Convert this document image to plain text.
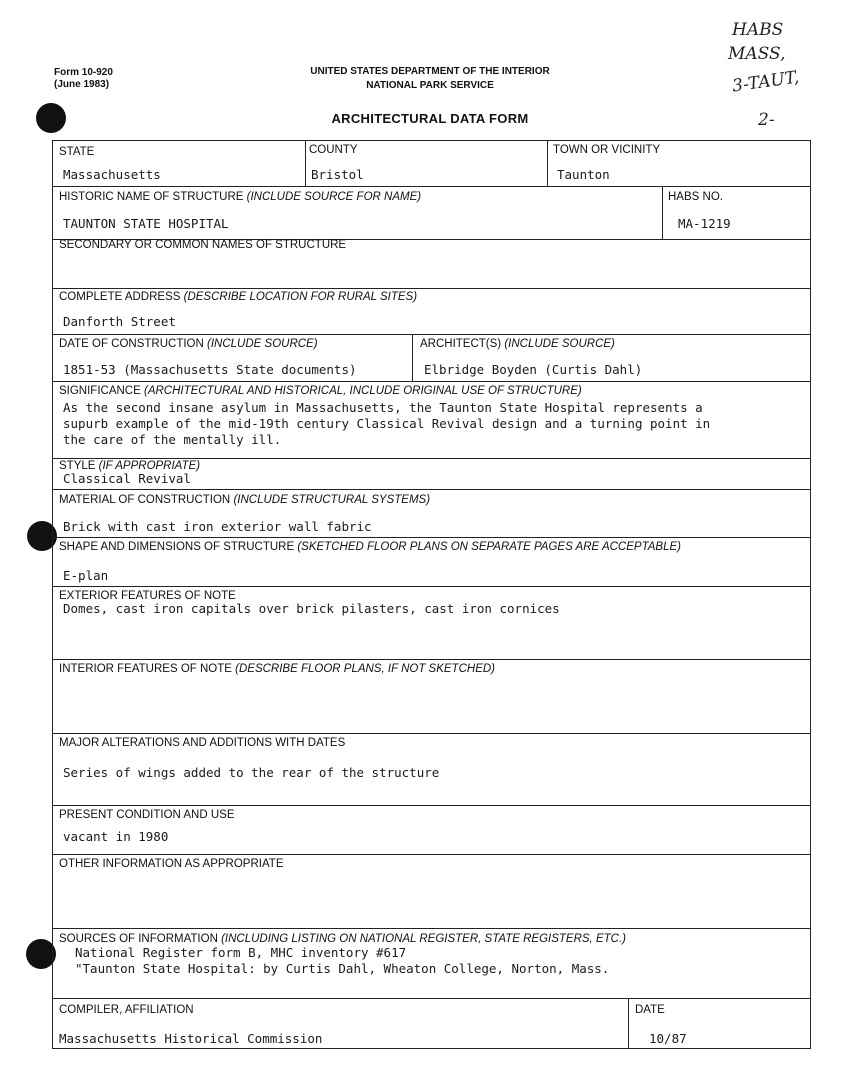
Form 10-920
(June 1983)
UNITED STATES DEPARTMENT OF THE INTERIOR
NATIONAL PARK SERVICE
ARCHITECTURAL DATA FORM
HABS
MASS,
3-TAUT,
2-
STATE
Massachusetts
COUNTY
Bristol
TOWN OR VICINITY
Taunton
HISTORIC NAME OF STRUCTURE (INCLUDE SOURCE FOR NAME)
TAUNTON STATE HOSPITAL
HABS NO.
MA-1219
SECONDARY OR COMMON NAMES OF STRUCTURE
COMPLETE ADDRESS (DESCRIBE LOCATION FOR RURAL SITES)
Danforth Street
DATE OF CONSTRUCTION (INCLUDE SOURCE)
1851-53 (Massachusetts State documents)
ARCHITECT(S) (INCLUDE SOURCE)
Elbridge Boyden (Curtis Dahl)
SIGNIFICANCE (ARCHITECTURAL AND HISTORICAL, INCLUDE ORIGINAL USE OF STRUCTURE)
As the second insane asylum in Massachusetts, the Taunton State Hospital represents a
supurb example of the mid-19th century Classical Revival design and a turning point in
the care of the mentally ill.
STYLE (IF APPROPRIATE)
Classical Revival
MATERIAL OF CONSTRUCTION (INCLUDE STRUCTURAL SYSTEMS)
Brick with cast iron exterior wall fabric
SHAPE AND DIMENSIONS OF STRUCTURE (SKETCHED FLOOR PLANS ON SEPARATE PAGES ARE ACCEPTABLE)
E-plan
EXTERIOR FEATURES OF NOTE
Domes, cast iron capitals over brick pilasters, cast iron cornices
INTERIOR FEATURES OF NOTE (DESCRIBE FLOOR PLANS, IF NOT SKETCHED)
MAJOR ALTERATIONS AND ADDITIONS WITH DATES
Series of wings added to the rear of the structure
PRESENT CONDITION AND USE
vacant in 1980
OTHER INFORMATION AS APPROPRIATE
SOURCES OF INFORMATION (INCLUDING LISTING ON NATIONAL REGISTER, STATE REGISTERS, ETC.)
National Register form B, MHC inventory #617
"Taunton State Hospital: by Curtis Dahl, Wheaton College, Norton, Mass.
COMPILER, AFFILIATION
Massachusetts Historical Commission
DATE
10/87
